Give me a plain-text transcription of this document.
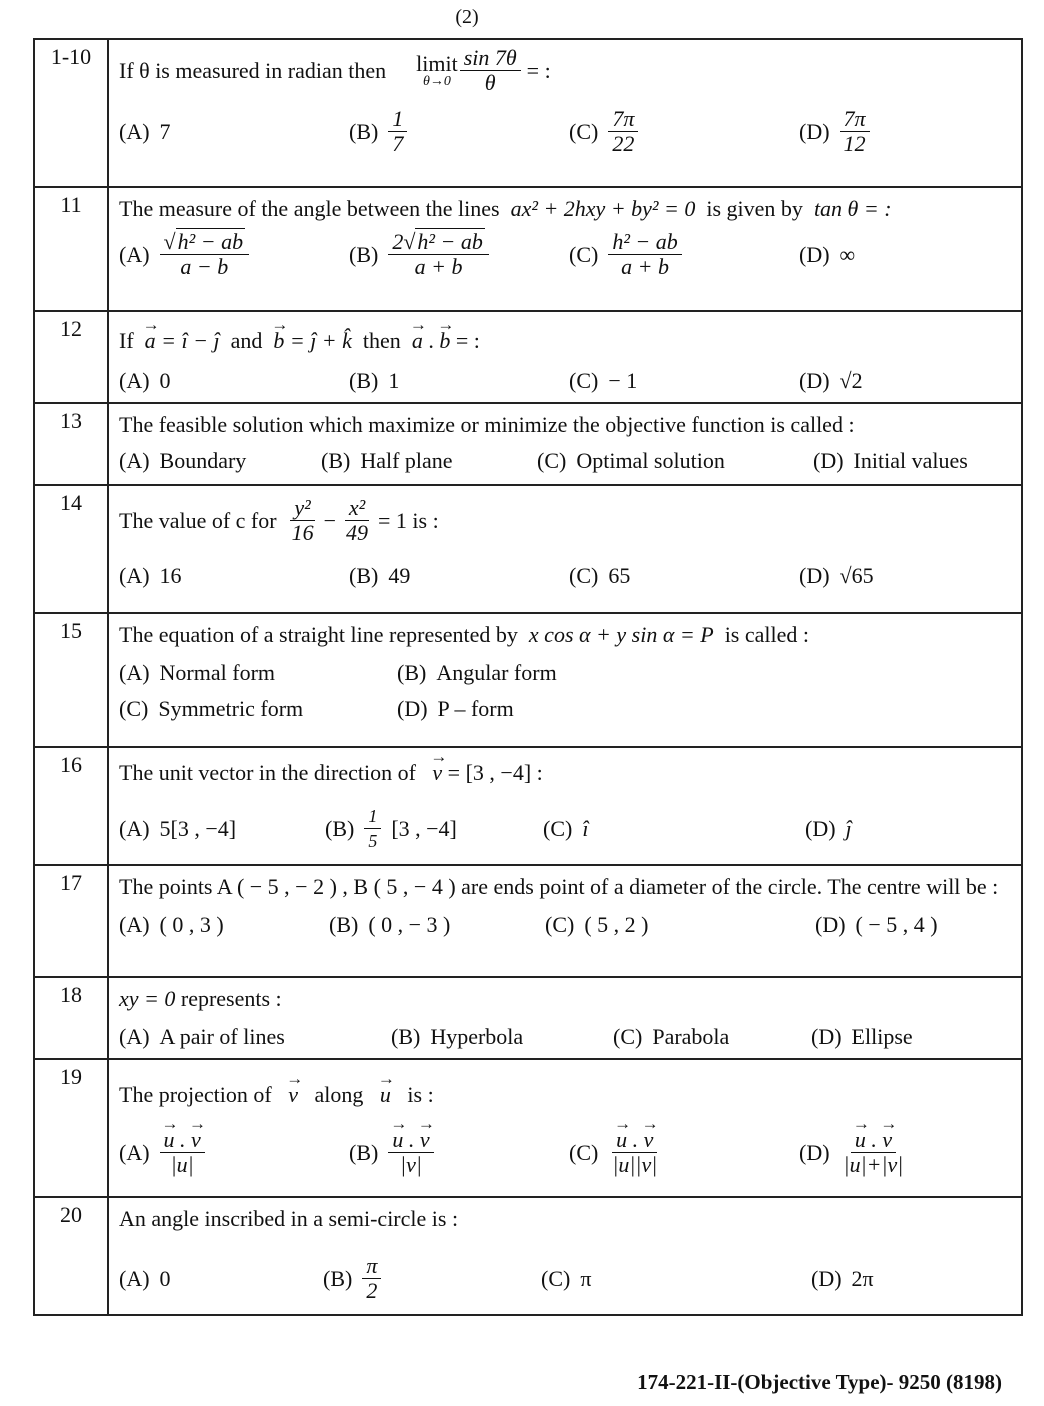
(2)
1-10	
If θ is measured in radian then limit
$\theta\to 0 \frac{\sin 7\theta}{\theta}$ = :
(A) 7	$(B) \frac{1}{7}$	$(C) \frac{7\pi}{22}$	$(D) \frac{7\pi}{12}$

11	The measure of the angle between the lines ax² + 2hxy + by² = 0 is given by tan θ = :
$(A) \frac{\text{√h² − ab}}{a - b}$	$(B) \frac{\text{2√h² − ab}}{a + b}$	$(C) \frac{\text{h² − ab}}{a + b}$	(D) ∞

12	If  → a = î − ĵ and  → b = ĵ + k̂ then  → a . → b = :
(A) 0	(B) 1	(C) − 1	(D) √2

13	The feasible solution which maximize or minimize the objective function is called :
(A) Boundary	(B) Half plane	(C) Optimal solution	(D) Initial values

14	
The value of c for
$\frac{\text{y²}}{16} - \frac{\text{x²}}{49} = 1$ is :
(A) 16	(B) 49	(C) 65	(D) √65

15	The equation of a straight line represented by x cos α + y sin α = P is called :
(A) Normal form	(B) Angular form
(C) Symmetric form	(D) P – form

16	The unit vector in the direction of   → v = [3 , −4] :
(A) 5[3 , −4]	$(B) \frac{1}{5} [3$ , −4]	(C) î	(D) ĵ

17	The points A ( − 5 , − 2 ) , B ( 5 , − 4 ) are ends point of a diameter of the circle. The centre will be :
(A) ( 0 , 3 )	(B) ( 0 , − 3 )	(C) ( 5 , 2 )	(D) ( − 5 , 4 )

18	xy = 0 represents :
(A) A pair of lines	(B) Hyperbola	(C) Parabola	(D) Ellipse

19	
The projection of   → v along   → u is :
(A)
→ $\frac{u . \to v}{|u|}$	(B)
→ $\frac{u . \to v}{|v|}$	(C)
→ $\frac{u . \to v}{|u||v|}$	(D)
→ $\frac{u . \to v}{|u|+|v|}$

20	An angle inscribed in a semi-circle is :
(A) 0	$(B) \frac{\pi}{2}$	(C) π	(D) 2π
174-221-II-(Objective Type)- 9250 (8198)
